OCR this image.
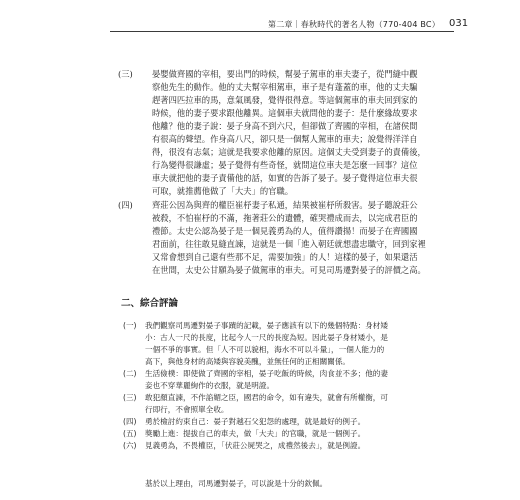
第二章｜春秋時代的著名人物（770-404 BC） 031
(三) 晏嬰做齊國的宰相，要出門的時候，幫晏子駕車的車夫妻子，從門縫中觀
察他先生的動作。他的丈夫幫宰相駕車，車子是有蓬蓋的車，他的丈夫騙
趕著四匹拉車的馬，意氣風發，覺得很得意。等這個駕車的車夫回到家的
時候，他的妻子要求跟他離異。這個車夫就問他的妻子：是什麼緣故要求
他離？他的妻子說：晏子身高不到六尺，但卻做了齊國的宰相，在諸侯間
有很高的聲望。作身高八尺，卻只是一個幫人駕車的車夫；說覺得洋洋自
得，很沒有志氣；這就是我要求他離的原因。這個丈夫受到妻子的責備後，
行為變得很謙虛；晏子覺得有些奇怪，就問這位車夫是怎麼一回事？這位
車夫就把他的妻子責備他的話，如實的告訴了晏子。晏子覺得這位車夫很
可取，就推薦他做了「大夫」的官職。
(四) 齊莊公因為與齊的權臣崔杼妻子私通，結果被崔杼所殺害。晏子聽說莊公
被殺，不怕崔杼的不滿，拖著莊公的遺體，確哭禮成而去，以完成君臣的
禮節。太史公認為晏子是一個見義勇為的人，值得讚揚！而晏子在齊國國
君面前，往往敢見縫直諫，這就是一個「進入朝廷就想盡忠職守，回到家裡
又常會想到自己還有些那不足，需要加強」的人！這樣的晏子，如果還活
在世間，太史公甘願為晏子做駕車的車夫。可見司馬遷對晏子的評價之高。
二、綜合評論
(一) 我們觀察司馬遷對晏子事蹟的記載，晏子應該有以下的幾個特點：身材矮
小：古人一尺的長度，比起今人一尺的長度為短。因此晏子身材矮小，是
一個不爭的事實。但「人不可以貌相，海水不可以斗量」，一個人能力的
高下，與他身材的高矮與容貌美醜，並無任何的正相關關係。
(二) 生活儉樸：即使做了齊國的宰相，晏子吃飯的時候，肉食並不多；他的妻
妾也不穿華麗絢作的衣服，就是明證。
(三) 敢犯顏直諫，不作諂媚之臣，國君的命令，如有違失，就會有所權衡，可
行即行，不會照單全收。
(四) 勇於檢討約束自己：晏子對越石父犯怨的處理，就是最好的例子。
(五) 獎勵上進：提拔自己的車夫，做「大夫」的官職，就是一個例子。
(六) 見義勇為，不畏權臣，「伏莊公屍哭之，成禮然後去」，就是例證。
基於以上理由，司馬遷對晏子，可以說是十分的欽佩。
